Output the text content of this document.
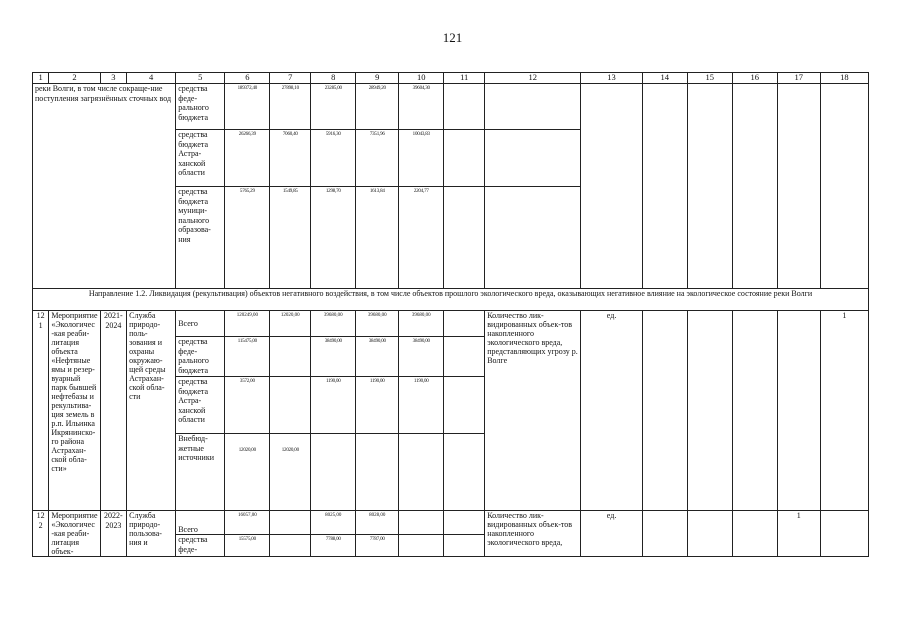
121
1	2	3	4	5	6	7	8	9	10	11	12	13	14	15	16	17	18
реки Волги, в том числе сокраще-ние поступления загрязнённых сточных вод				средства феде-рального бюджета	189372,40	27898,10	23285,00	28949,20	39604,30								
				средства бюджета Астра-ханской области	26266,39	7060,40	5916,30	7351,96	10043,83								
				средства бюджета муници-пального образова-ния	5765,29	1549,85	1298,70	1613,84	2204,77								
Направление 1.2. Ликвидация (рекультивация) объектов негативного воздействия, в том числе объектов прошлого экологического вреда, оказывающих негативное влияние на экологическое состояние реки Волги																	
121	Мероприятие «Экологичес-кая реаби-литация объекта «Нефтяные ямы и резер-вуарный парк бывшей нефтебазы и рекультива-ция земель в р.п. Ильинка Икрянинско-го района Астрахан-ской обла-сти»	2021-2024	Служба природо-поль-зования и охраны окружаю-щей среды Астрахан-ской обла-сти	Всего	120249,00	12020,00	39680,00	39680,00	39680,00		Количество лик-видированных объек-тов накопленного экологического вреда, представляющих угрозу р. Волге	ед.					1
				средства феде-рального бюджета	115475,00		38490,00	38490,00	38490,00								
				средства бюджета Астра-ханской области	3572,00		1190,00	1190,00	1190,00								
				Внебюд-жетные источники	12020,00	12020,00											
122	Мероприятие «Экологичес-кая реаби-литация объек-	2022-2023	Служба природо-пользова-ния и	Всего	16057,00		8025,00	8028,00			Количество лик-видированных объек-тов накопленного экологического вреда,	ед.				1	
				средства феде-	15575,00		7788,00	7787,00									
